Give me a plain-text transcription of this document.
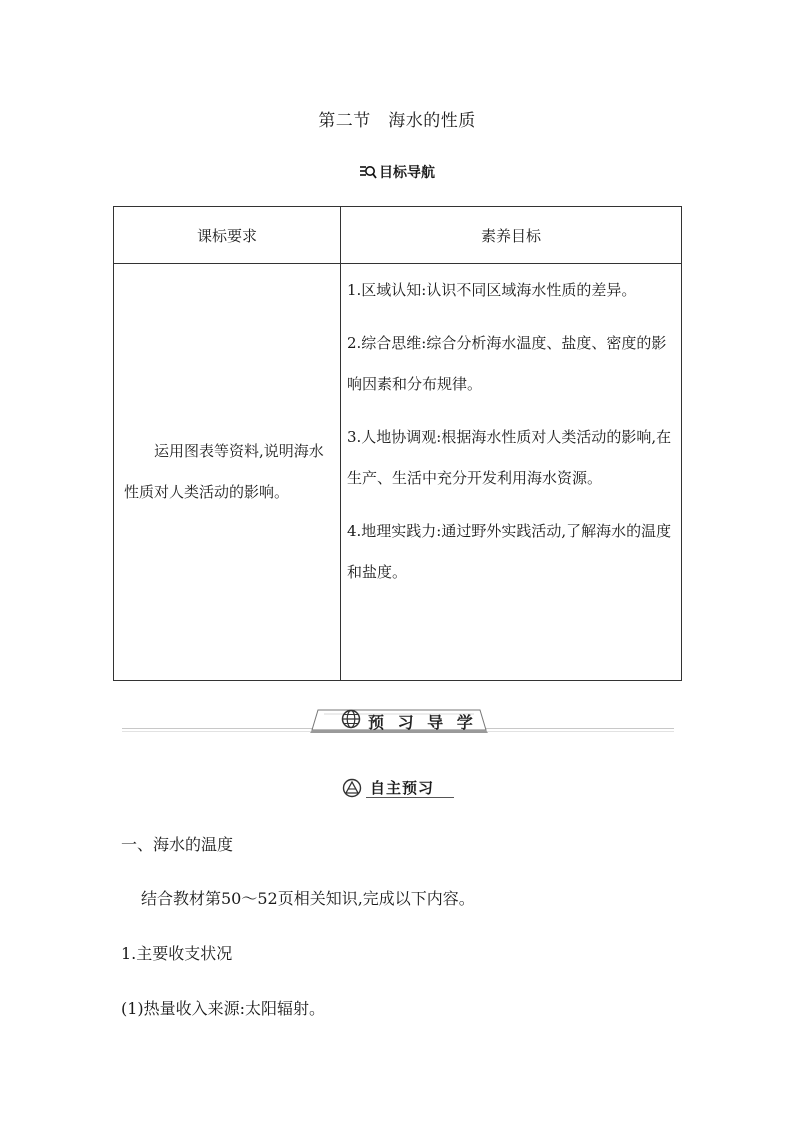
第二节　海水的性质
目标导航
课标要求	素养目标

运用图表等资料,说明海水性质对人类活动的影响。	1.区域认知:认识不同区域海水性质的差异。
2.综合思维:综合分析海水温度、盐度、密度的影响因素和分布规律。
3.人地协调观:根据海水性质对人类活动的影响,在生产、生活中充分开发利用海水资源。
4.地理实践力:通过野外实践活动,了解海水的温度和盐度。
预 习 导 学
自主预习
一、海水的温度
结合教材第50～52页相关知识,完成以下内容。
1.主要收支状况
(1)热量收入来源:太阳辐射。
